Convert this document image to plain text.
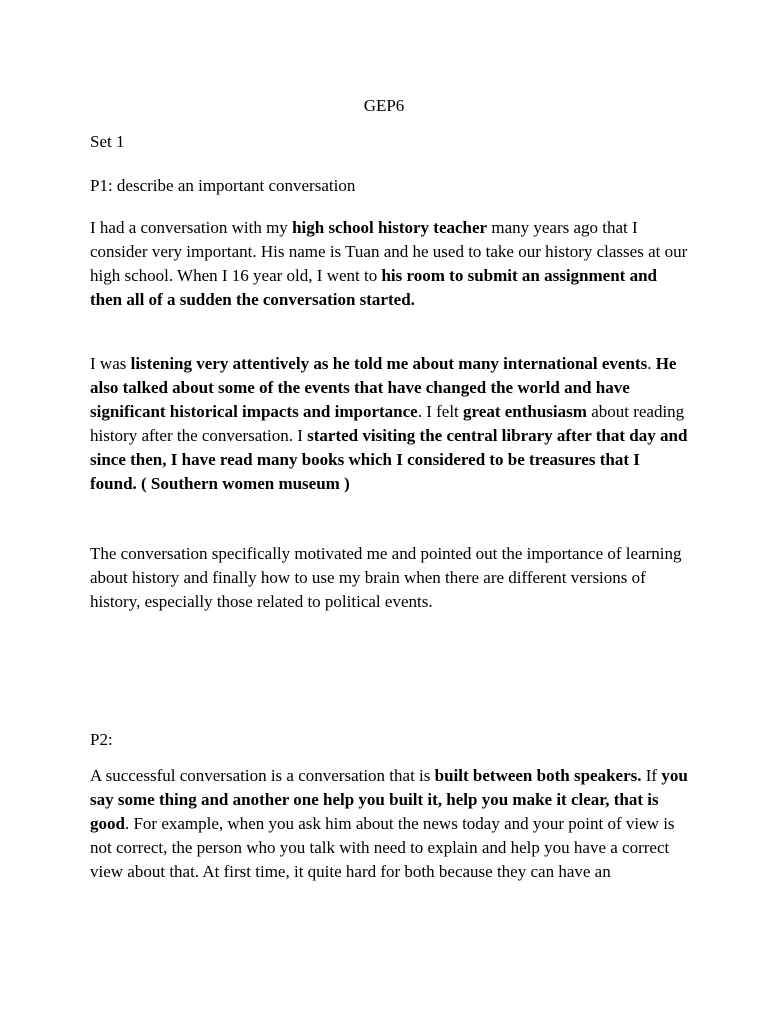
GEP6

Set 1

P1: describe an important conversation

I had a conversation with my high school history teacher many years ago that I consider very important. His name is Tuan and he used to take our history classes at our high school. When I 16 year old, I went to his room to submit an assignment and then all of a sudden the conversation started.

I was listening very attentively as he told me about many international events. He also talked about some of the events that have changed the world and have significant historical impacts and importance. I felt great enthusiasm about reading history after the conversation. I started visiting the central library after that day and since then, I have read many books which I considered to be treasures that I found. ( Southern women museum )

The conversation specifically motivated me and pointed out the importance of learning about history and finally how to use my brain when there are different versions of history, especially those related to political events.

P2:

A successful conversation is a conversation that is built between both speakers. If you say some thing and another one help you built it, help you make it clear, that is good. For example, when you ask him about the news today and your point of view is not correct, the person who you talk with need to explain and help you have a correct view about that. At first time, it quite hard for both because they can have an
